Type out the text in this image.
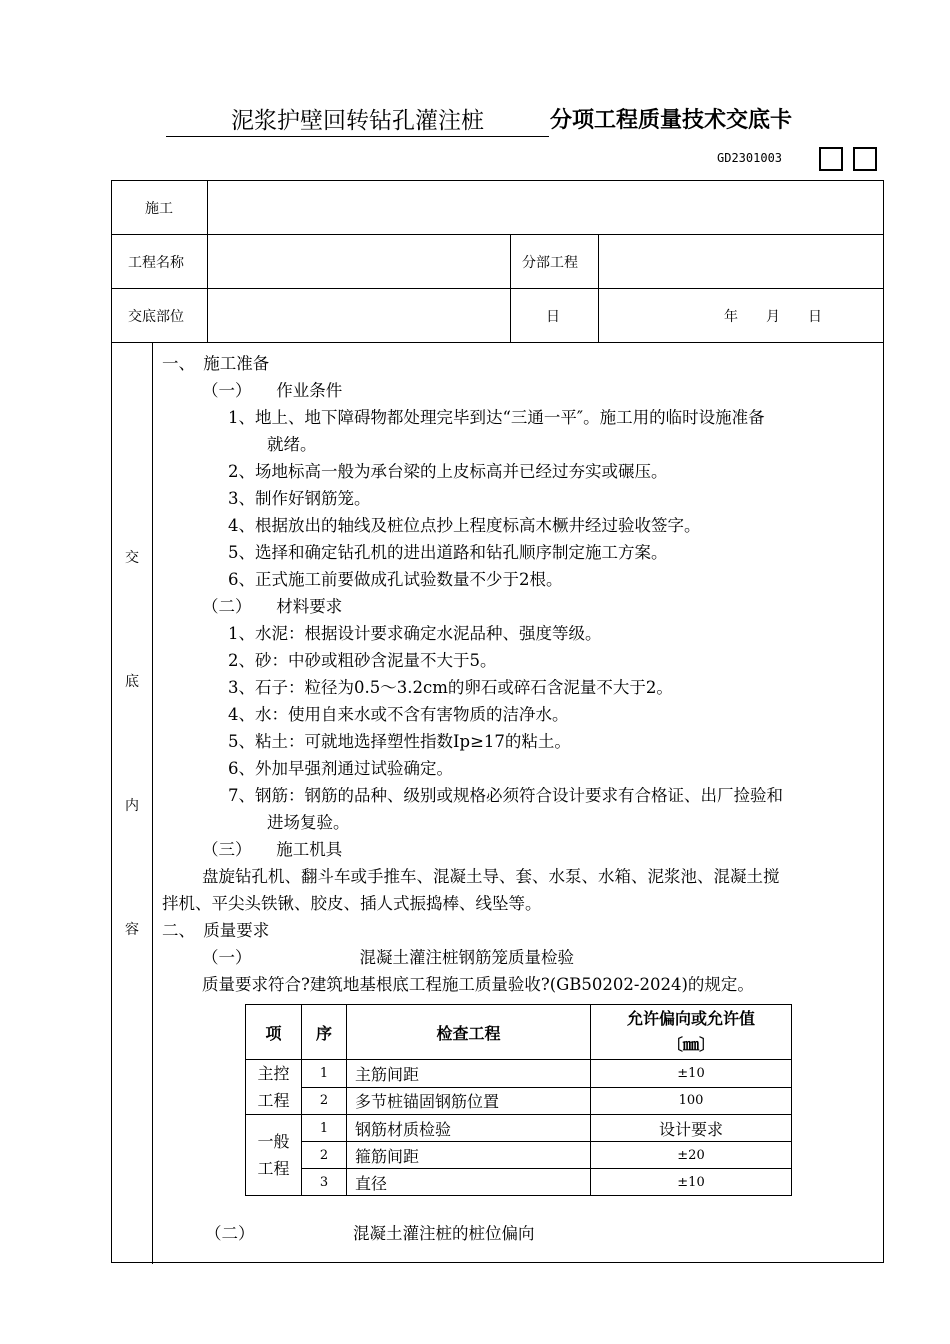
泥浆护壁回转钻孔灌注桩	分项工程质量技术交底卡
GD2301003
施工
工程名称	分部工程
交底部位	日	年　　月　　日
交
底
内
容
一、　施工准备
（一）　　作业条件
1、地上、地下障碍物都处理完毕到达“三通一平″。施工用的临时设施准备
就绪。
2、场地标高一般为承台梁的上皮标高并已经过夯实或碾压。
3、制作好钢筋笼。
4、根据放出的轴线及桩位点抄上程度标高木橛井经过验收签字。
5、选择和确定钻孔机的进出道路和钻孔顺序制定施工方案。
6、正式施工前要做成孔试验数量不少于2根。
（二）　　材料要求
1、水泥：根据设计要求确定水泥品种、强度等级。
2、砂：中砂或粗砂含泥量不大于5。
3、石子：粒径为0.5～3.2cm的卵石或碎石含泥量不大于2。
4、水：使用自来水或不含有害物质的洁净水。
5、粘土：可就地选择塑性指数Ip≥17的粘土。
6、外加早强剂通过试验确定。
7、钢筋：钢筋的品种、级别或规格必须符合设计要求有合格证、出厂捡验和
进场复验。
（三）　　施工机具
盘旋钻孔机、翻斗车或手推车、混凝土导、套、水泵、水箱、泥浆池、混凝土搅
拌机、平尖头铁锹、胶皮、插人式振捣棒、线坠等。
二、　质量要求
（一）	混凝土灌注桩钢筋笼质量检验
质量要求符合?建筑地基根底工程施工质量验收?(GB50202-2024)的规定。
项	序	检查工程	允许偏向或允许值
〔㎜〕

主控工程	1	主筋间距	±10
	2	多节桩锚固钢筋位置	100
一般工程	1	钢筋材质检验	设计要求
	2	箍筋间距	±20
	3	直径	±10
（二）	混凝土灌注桩的桩位偏向
